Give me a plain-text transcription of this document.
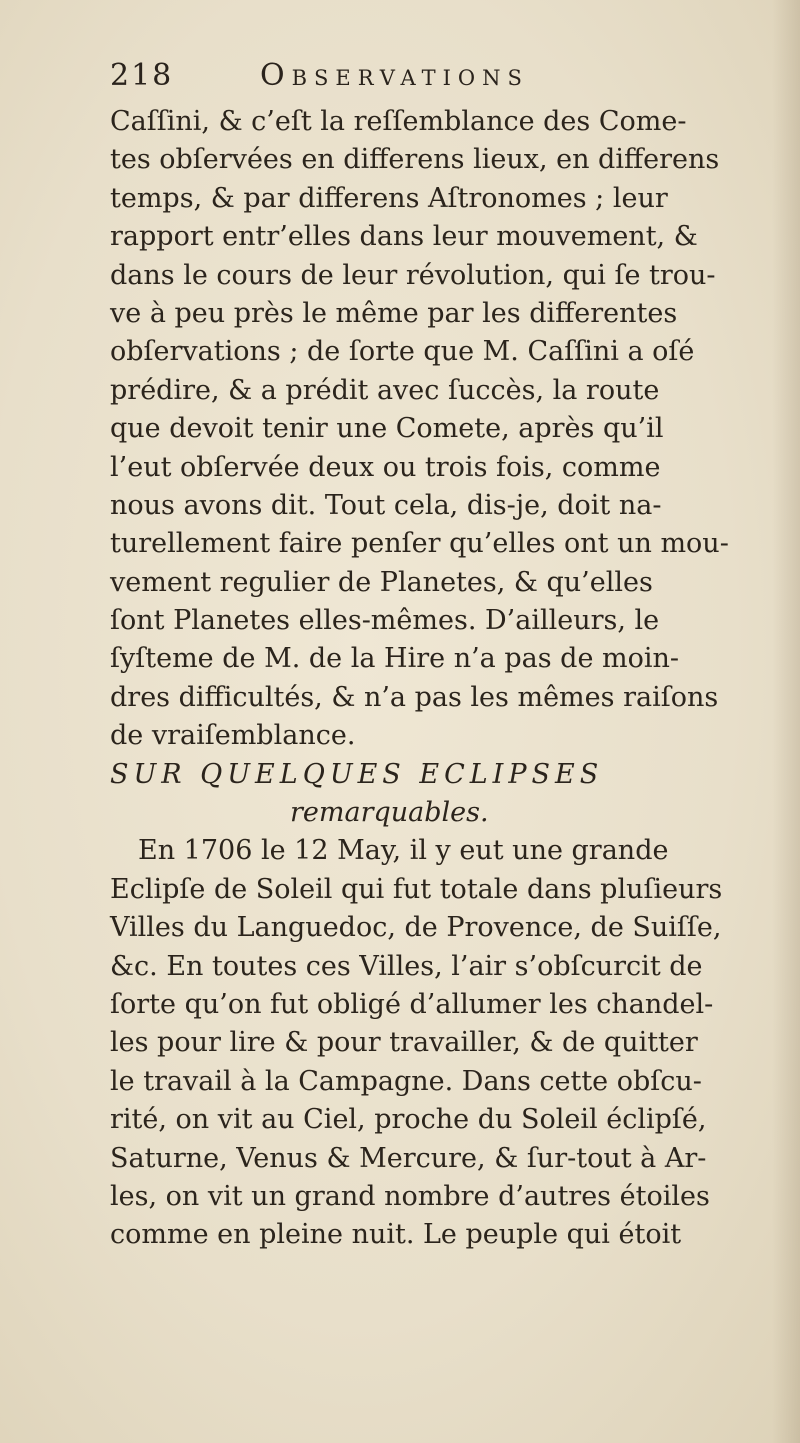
218	Observations
Caſſini, & c’eſt la reſſemblance des Come-
tes obſervées en differens lieux, en differens
temps, & par differens Aſtronomes ; leur
rapport entr’elles dans leur mouvement, &
dans le cours de leur révolution, qui ſe trou-
ve à peu près le même par les differentes
obſervations ; de ſorte que M. Caſſini a oſé
prédire, & a prédit avec ſuccès, la route
que devoit tenir une Comete, après qu’il
l’eut obſervée deux ou trois fois, comme
nous avons dit. Tout cela, dis-je, doit na-
turellement faire penſer qu’elles ont un mou-
vement regulier de Planetes, & qu’elles
ſont Planetes elles-mêmes. D’ailleurs, le
ſyſteme de M. de la Hire n’a pas de moin-
dres difficultés, & n’a pas les mêmes raiſons
de vraiſemblance.
SUR QUELQUES ECLIPSES
remarquables.
En 1706 le 12 May, il y eut une grande
Eclipſe de Soleil qui fut totale dans pluſieurs
Villes du Languedoc, de Provence, de Suiſſe,
&c. En toutes ces Villes, l’air s’obſcurcit de
ſorte qu’on fut obligé d’allumer les chandel-
les pour lire & pour travailler, & de quitter
le travail à la Campagne. Dans cette obſcu-
rité, on vit au Ciel, proche du Soleil éclipſé,
Saturne, Venus & Mercure, & ſur-tout à Ar-
les, on vit un grand nombre d’autres étoiles
comme en pleine nuit. Le peuple qui étoit
